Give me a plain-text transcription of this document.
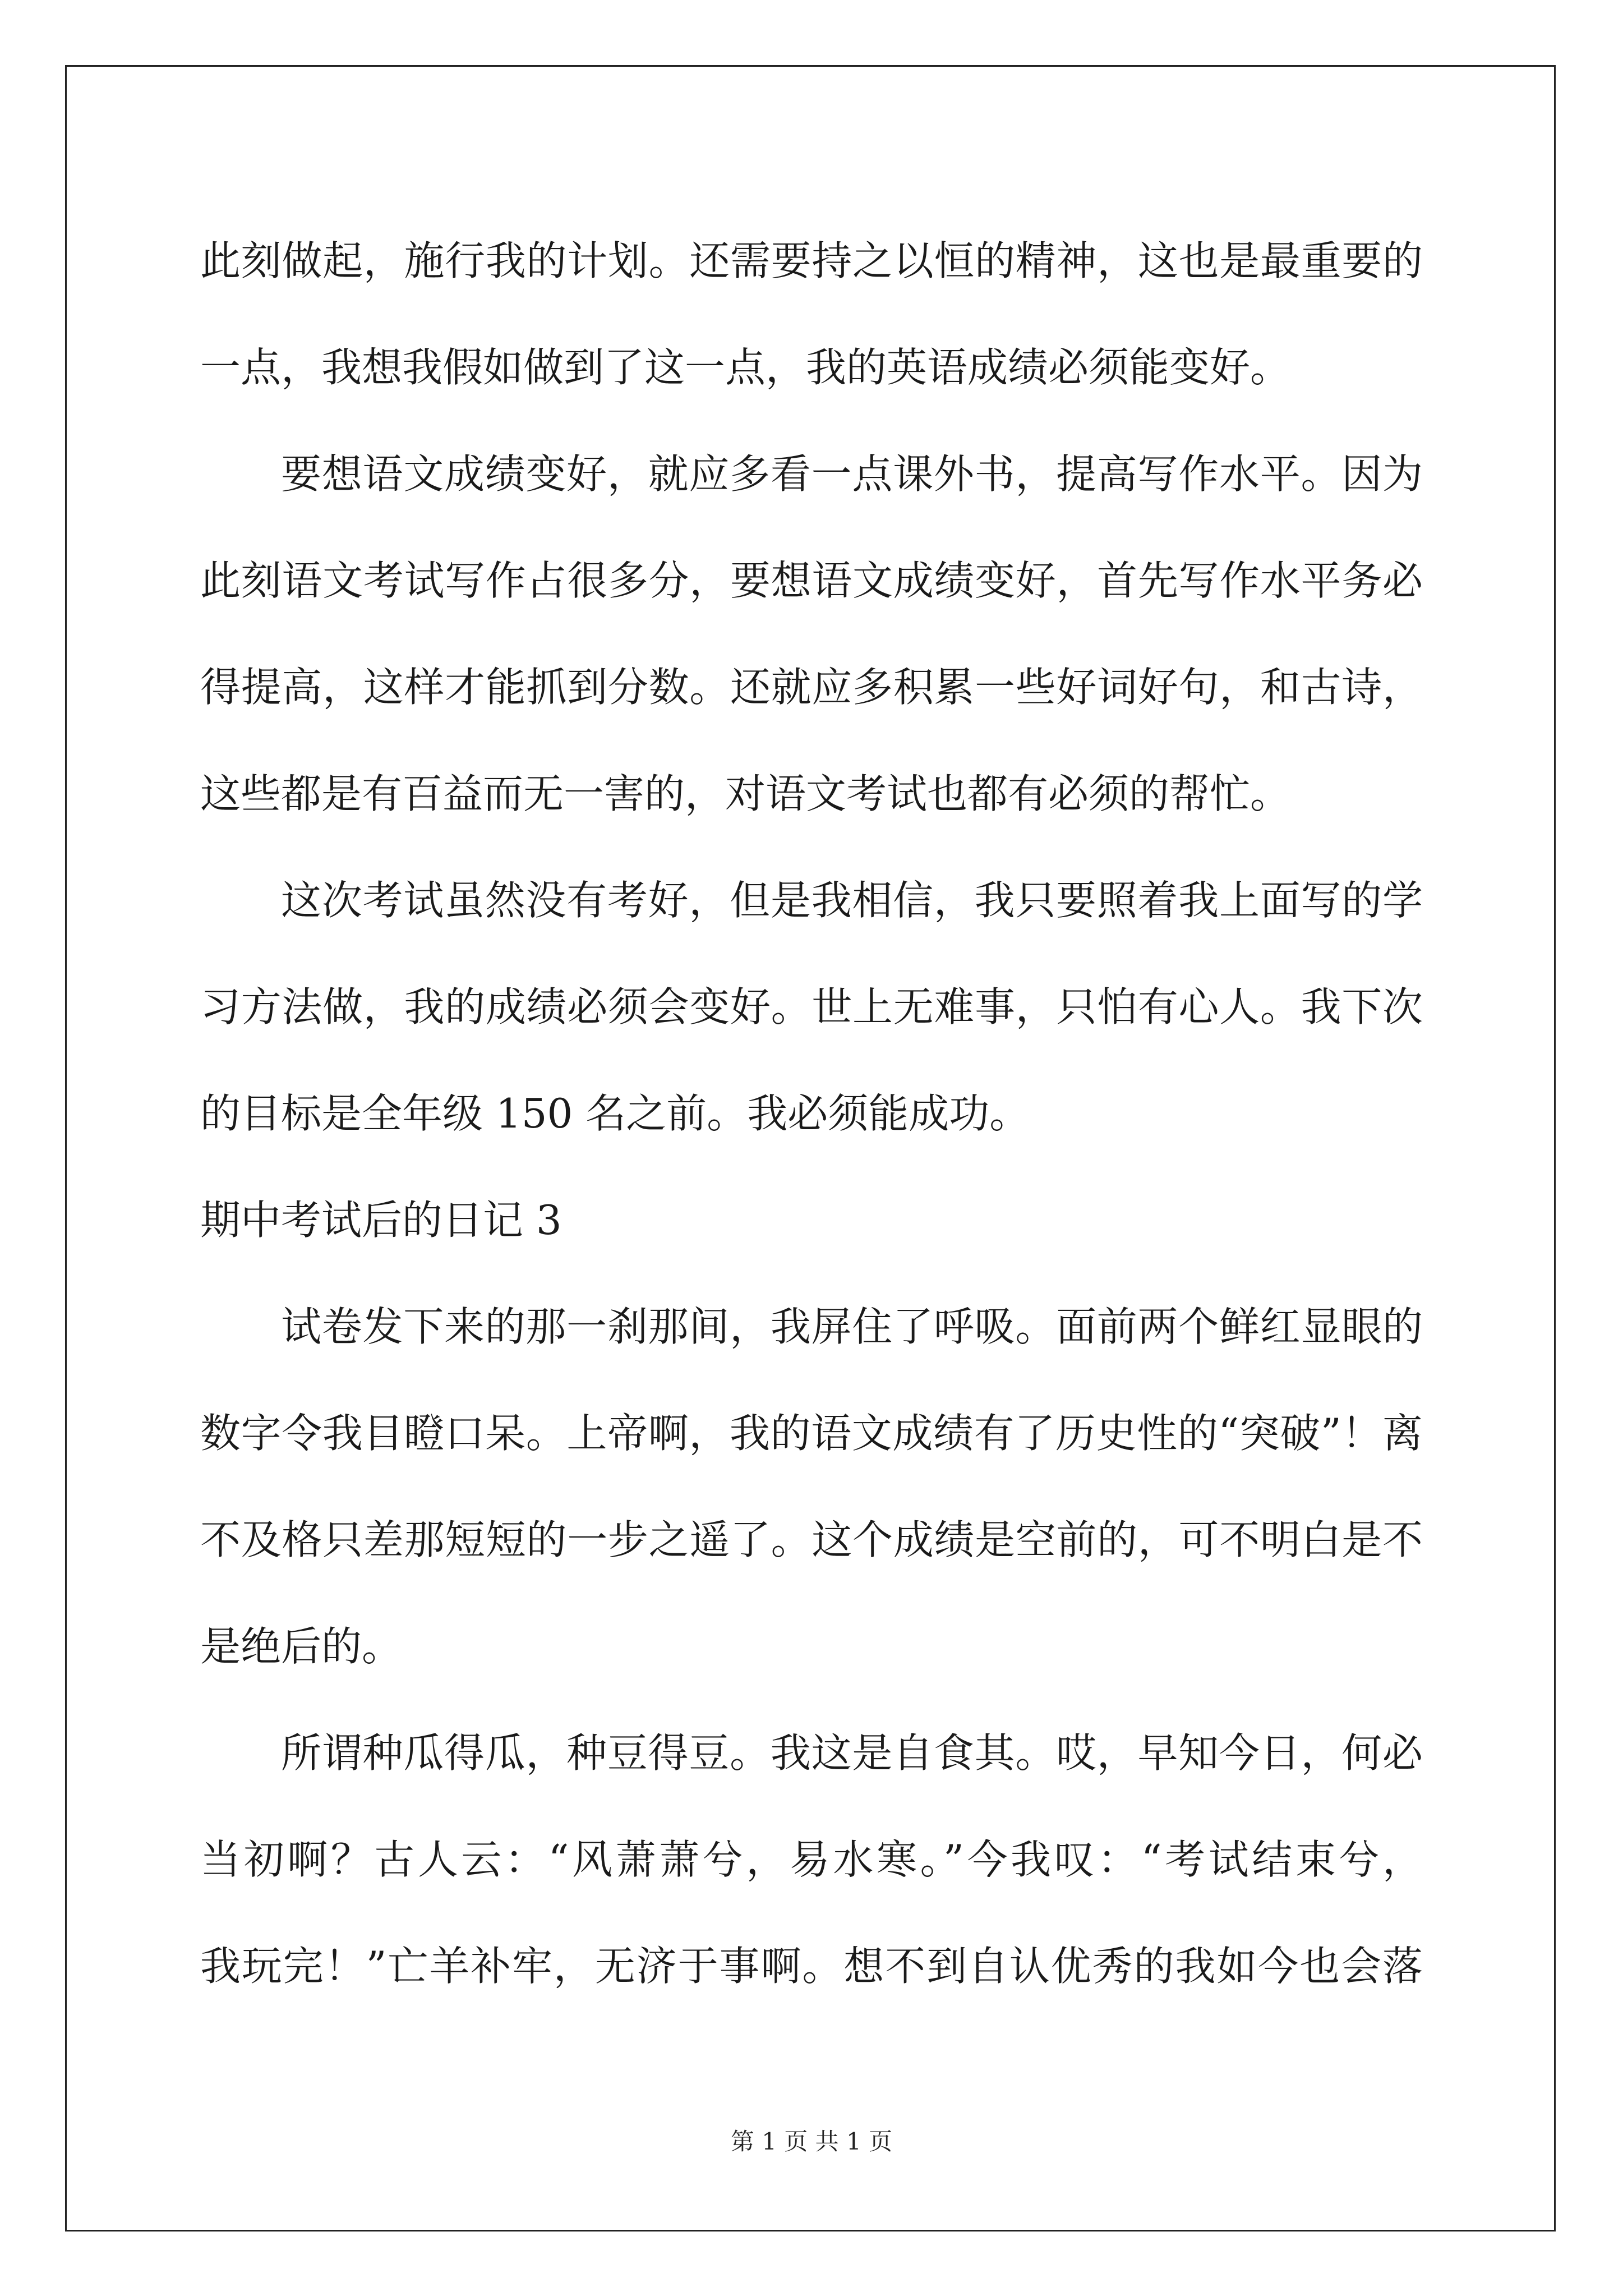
此刻做起，施行我的计划。还需要持之以恒的精神，这也是最重要的
一点，我想我假如做到了这一点，我的英语成绩必须能变好。
要想语文成绩变好，就应多看一点课外书，提高写作水平。因为
此刻语文考试写作占很多分，要想语文成绩变好，首先写作水平务必
得提高，这样才能抓到分数。还就应多积累一些好词好句，和古诗，
这些都是有百益而无一害的，对语文考试也都有必须的帮忙。
这次考试虽然没有考好，但是我相信，我只要照着我上面写的学
习方法做，我的成绩必须会变好。世上无难事，只怕有心人。我下次
的目标是全年级 150 名之前。我必须能成功。
期中考试后的日记 3
试卷发下来的那一刹那间，我屏住了呼吸。面前两个鲜红显眼的
数字令我目瞪口呆。上帝啊，我的语文成绩有了历史性的“突破”！离
不及格只差那短短的一步之遥了。这个成绩是空前的，可不明白是不
是绝后的。
所谓种瓜得瓜，种豆得豆。我这是自食其。哎，早知今日，何必
当初啊？古人云：“风萧萧兮，易水寒。”今我叹：“考试结束兮，
我玩完！”亡羊补牢，无济于事啊。想不到自认优秀的我如今也会落
第 1 页 共 1 页
